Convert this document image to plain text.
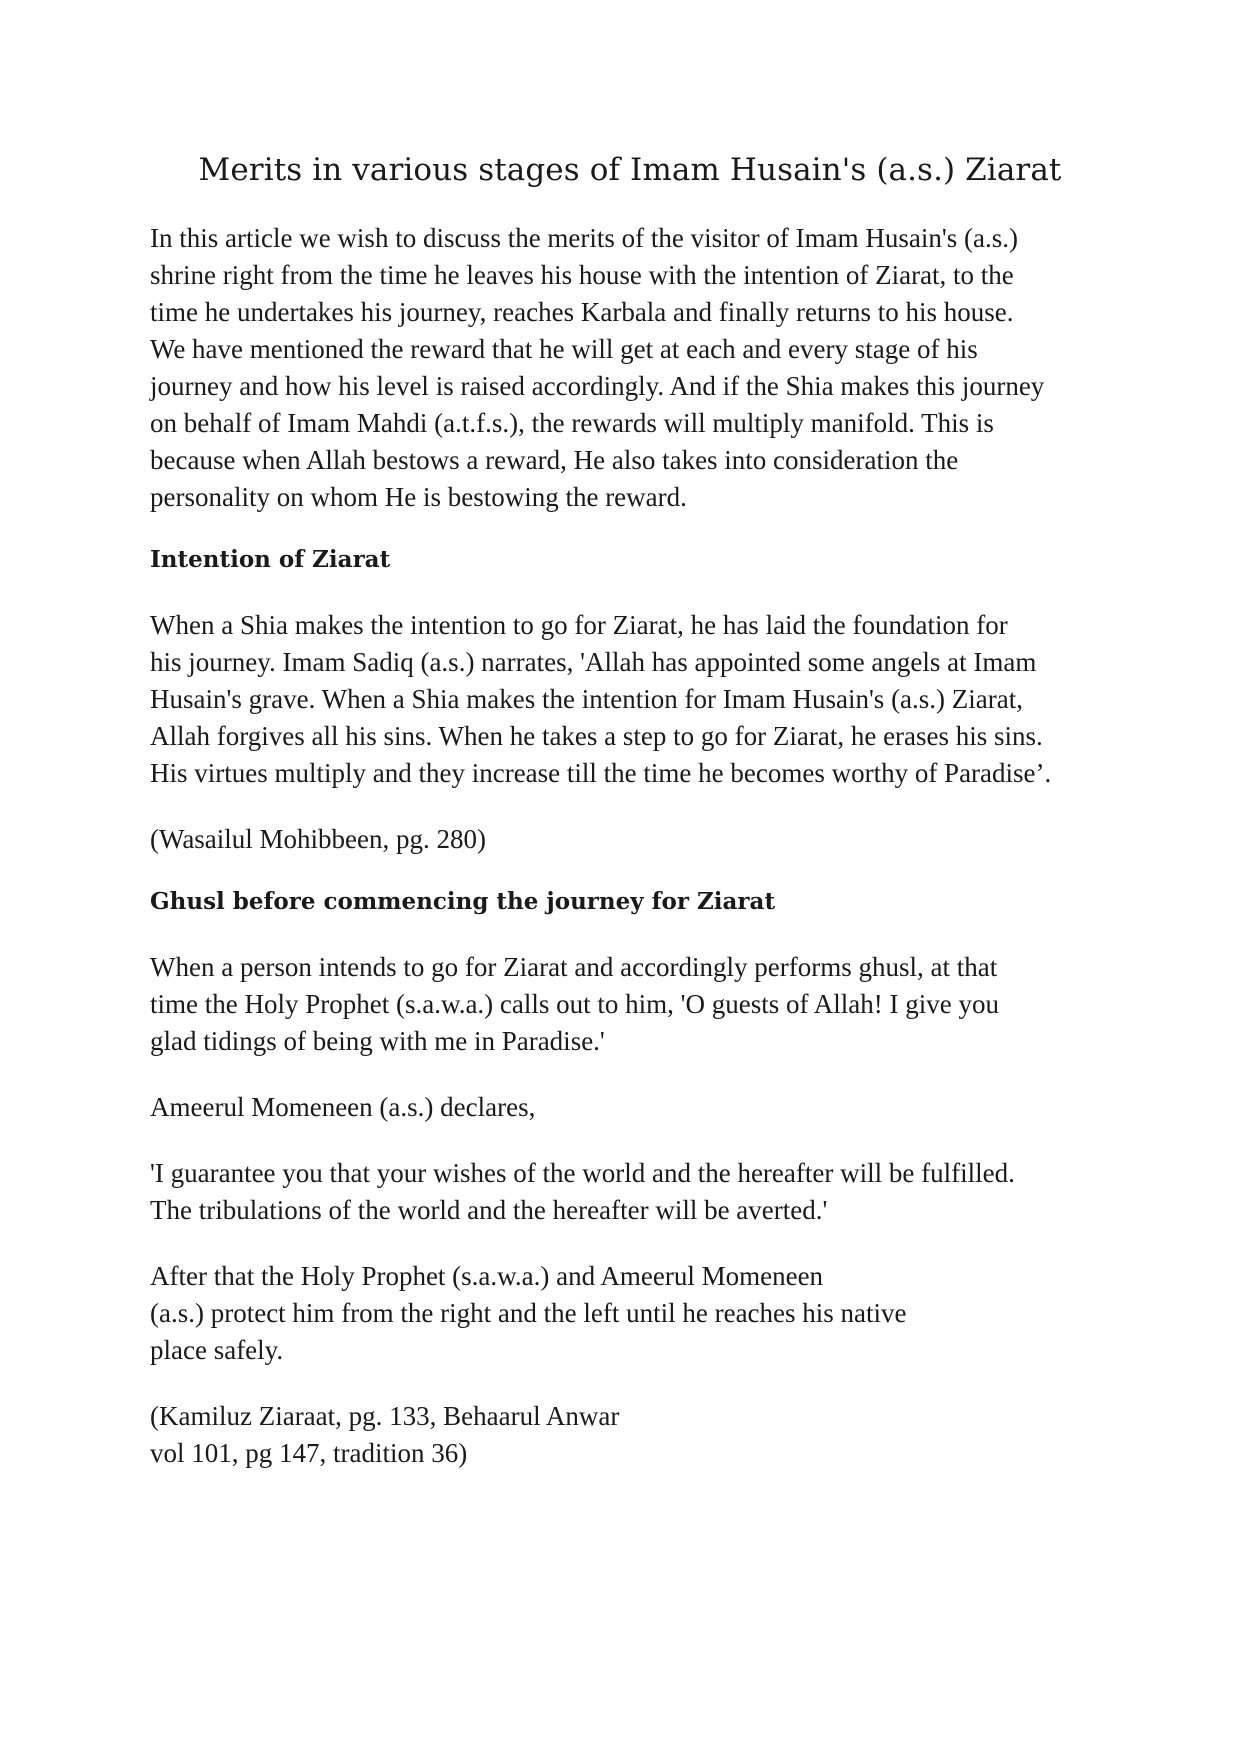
Merits in various stages of Imam Husain's (a.s.) Ziarat

In this article we wish to discuss the merits of the visitor of Imam Husain's (a.s.)
shrine right from the time he leaves his house with the intention of Ziarat, to the
time he undertakes his journey, reaches Karbala and finally returns to his house.
We have mentioned the reward that he will get at each and every stage of his
journey and how his level is raised accordingly. And if the Shia makes this journey
on behalf of Imam Mahdi (a.t.f.s.), the rewards will multiply manifold. This is
because when Allah bestows a reward, He also takes into consideration the
personality on whom He is bestowing the reward.

Intention of Ziarat

When a Shia makes the intention to go for Ziarat, he has laid the foundation for
his journey. Imam Sadiq (a.s.) narrates, 'Allah has appointed some angels at Imam
Husain's grave. When a Shia makes the intention for Imam Husain's (a.s.) Ziarat,
Allah forgives all his sins. When he takes a step to go for Ziarat, he erases his sins.
His virtues multiply and they increase till the time he becomes worthy of Paradise’.

(Wasailul Mohibbeen, pg. 280)

Ghusl before commencing the journey for Ziarat

When a person intends to go for Ziarat and accordingly performs ghusl, at that
time the Holy Prophet (s.a.w.a.) calls out to him, 'O guests of Allah! I give you
glad tidings of being with me in Paradise.'

Ameerul Momeneen (a.s.) declares,

'I guarantee you that your wishes of the world and the hereafter will be fulfilled.
The tribulations of the world and the hereafter will be averted.'

After that the Holy Prophet (s.a.w.a.) and Ameerul Momeneen
(a.s.) protect him from the right and the left until he reaches his native
place safely.

(Kamiluz Ziaraat, pg. 133, Behaarul Anwar
vol 101, pg 147, tradition 36)
